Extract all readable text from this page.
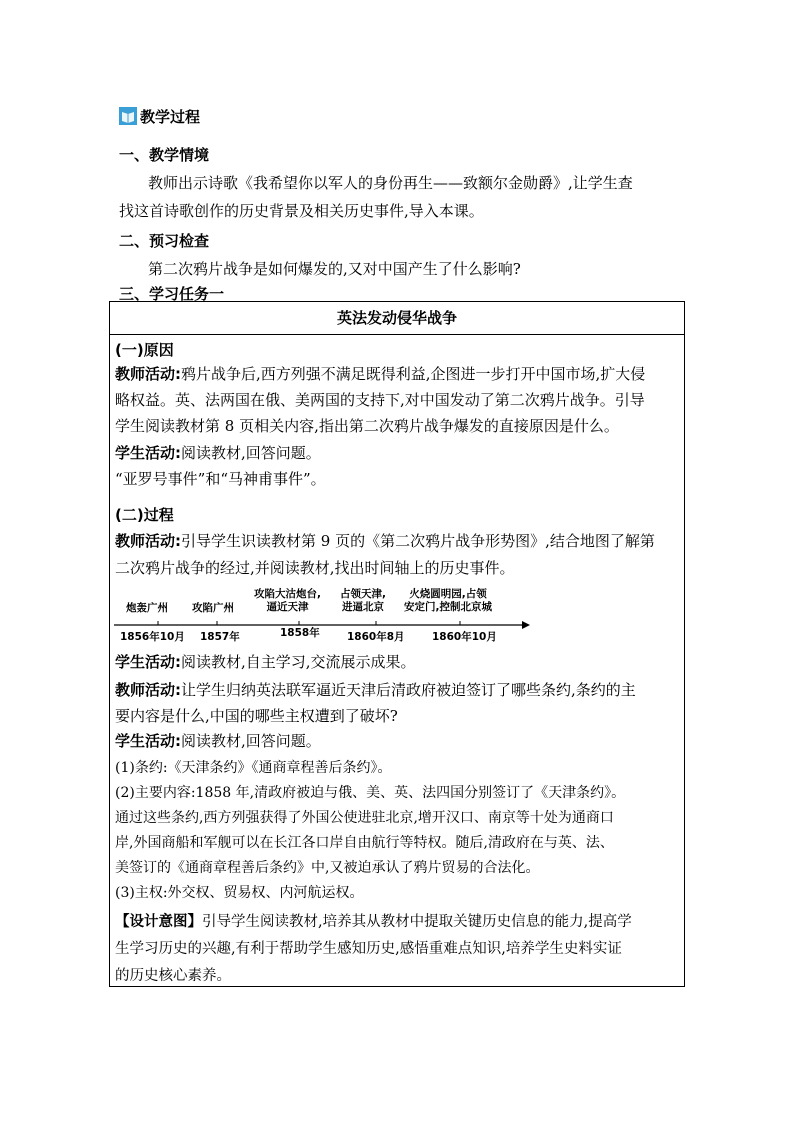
教学过程
一、教学情境
教师出示诗歌《我希望你以军人的身份再生——致额尔金勋爵》,让学生查
找这首诗歌创作的历史背景及相关历史事件,导入本课。
二、预习检查
第二次鸦片战争是如何爆发的,又对中国产生了什么影响?
三、学习任务一
英法发动侵华战争
(一)原因
教师活动:鸦片战争后,西方列强不满足既得利益,企图进一步打开中国市场,扩大侵
略权益。英、法两国在俄、美两国的支持下,对中国发动了第二次鸦片战争。引导
学生阅读教材第 8 页相关内容,指出第二次鸦片战争爆发的直接原因是什么。
学生活动:阅读教材,回答问题。
“亚罗号事件”和“马神甫事件”。
(二)过程
教师活动:引导学生识读教材第 9 页的《第二次鸦片战争形势图》,结合地图了解第
二次鸦片战争的经过,并阅读教材,找出时间轴上的历史事件。
炮轰广州 攻陷广州
攻陷大沽炮台,
逼近天津
占领天津,
进逼北京
火烧圆明园,占领
安定门,控制北京城
1856年10月 1857年	1858年	1860年8月	1860年10月
学生活动:阅读教材,自主学习,交流展示成果。
教师活动:让学生归纳英法联军逼近天津后清政府被迫签订了哪些条约,条约的主
要内容是什么,中国的哪些主权遭到了破坏?
学生活动:阅读教材,回答问题。
(1)条约:《天津条约》《通商章程善后条约》。
(2)主要内容:1858 年,清政府被迫与俄、美、英、法四国分别签订了《天津条约》。
通过这些条约,西方列强获得了外国公使进驻北京,增开汉口、南京等十处为通商口
岸,外国商船和军舰可以在长江各口岸自由航行等特权。随后,清政府在与英、法、
美签订的《通商章程善后条约》中,又被迫承认了鸦片贸易的合法化。
(3)主权:外交权、贸易权、内河航运权。
【设计意图】引导学生阅读教材,培养其从教材中提取关键历史信息的能力,提高学
生学习历史的兴趣,有利于帮助学生感知历史,感悟重难点知识,培养学生史料实证
的历史核心素养。
